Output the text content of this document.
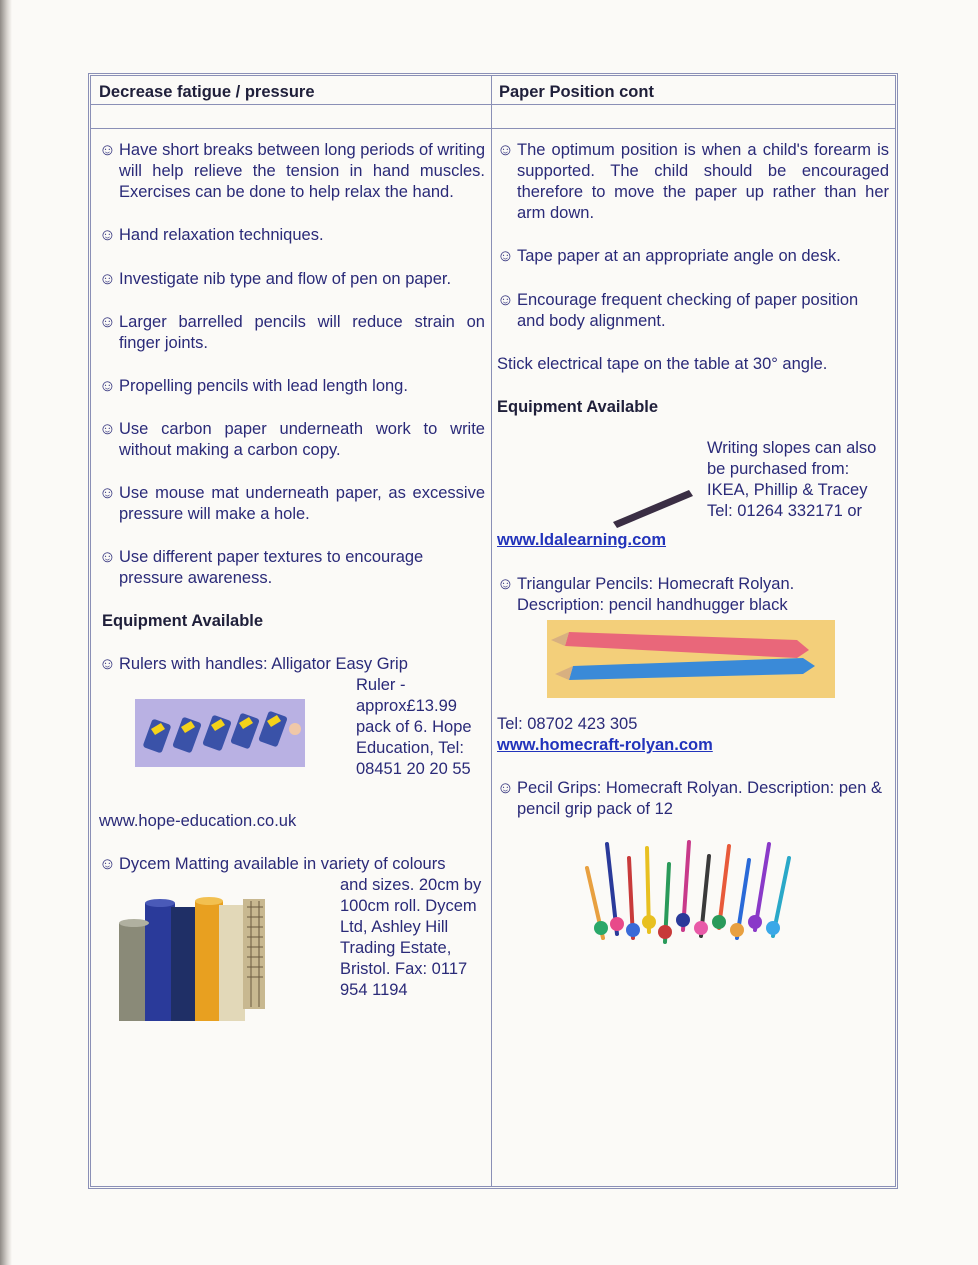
Decrease fatigue / pressure	Paper Position cont
☺ Have short breaks between long periods of writing will help relieve the tension in hand muscles. Exercises can be done to help relax the hand.
☺ Hand relaxation techniques.
☺ Investigate nib type and flow of pen on paper.
☺ Larger barrelled pencils will reduce strain on finger joints.
☺ Propelling pencils with lead length long.
☺ Use carbon paper underneath work to write without making a carbon copy.
☺ Use mouse mat underneath paper, as excessive pressure will make a hole.
☺ Use different paper textures to encourage pressure awareness.
Equipment Available
☺ Rulers with handles: Alligator Easy Grip
Ruler - approx£13.99 pack of 6. Hope Education, Tel: 08451 20 20 55
www.hope-education.co.uk
☺ Dycem Matting available in variety of colours
and sizes. 20cm by 100cm roll. Dycem Ltd, Ashley Hill Trading Estate, Bristol. Fax: 0117 954 1194
☺ The optimum position is when a child's forearm is supported. The child should be encouraged therefore to move the paper up rather than her arm down.
☺ Tape paper at an appropriate angle on desk.
☺ Encourage frequent checking of paper position and body alignment.
Stick electrical tape on the table at 30° angle.
Equipment Available
Writing slopes can also be purchased from: IKEA, Phillip & Tracey Tel: 01264 332171 or
www.ldalearning.com
☺ Triangular Pencils: Homecraft Rolyan.
Description: pencil handhugger black
Tel: 08702 423 305
www.homecraft-rolyan.com
☺ Pecil Grips: Homecraft Rolyan. Description: pen & pencil grip pack of 12
